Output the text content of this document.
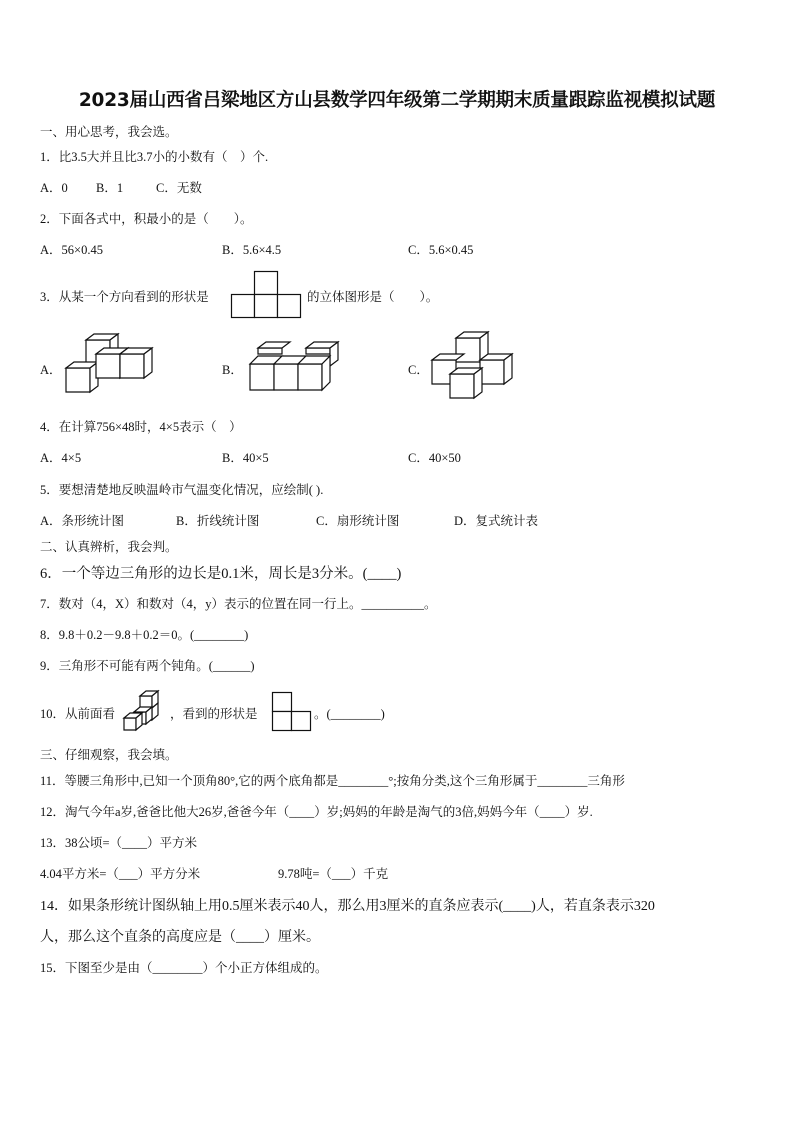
2023届山西省吕梁地区方山县数学四年级第二学期期末质量跟踪监视模拟试题
一、用心思考，我会选。
1．比3.5大并且比3.7小的小数有（　）个.
A．0 B．1	C．无数
2．下面各式中，积最小的是（　　）。
A．56×0.45	B．5.6×4.5	C．5.6×0.45
3．从某一个方向看到的形状是	的立体图形是（　　）。
A．	B．	C．
4．在计算756×48时，4×5表示（　）
A．4×5	B．40×5	C．40×50
5．要想清楚地反映温岭市气温变化情况，应绘制( ).
A．条形统计图	B．折线统计图	C．扇形统计图	D．复式统计表
二、认真辨析，我会判。
6．一个等边三角形的边长是0.1米，周长是3分米。(____)
7．数对（4，X）和数对（4，y）表示的位置在同一行上。__________。
8．9.8＋0.2－9.8＋0.2＝0。(________)
9．三角形不可能有两个钝角。(______)
10．从前面看	，看到的形状是	。(________)
三、仔细观察，我会填。
11．等腰三角形中,已知一个顶角80°,它的两个底角都是________°;按角分类,这个三角形属于________三角形
12．淘气今年a岁,爸爸比他大26岁,爸爸今年（____）岁;妈妈的年龄是淘气的3倍,妈妈今年（____）岁.
13．38公顷=（____）平方米
4.04平方米=（___）平方分米	9.78吨=（___）千克
14．如果条形统计图纵轴上用0.5厘米表示40人，那么用3厘米的直条应表示(____)人，若直条表示320
人，那么这个直条的高度应是（____）厘米。
15．下图至少是由（________）个小正方体组成的。
